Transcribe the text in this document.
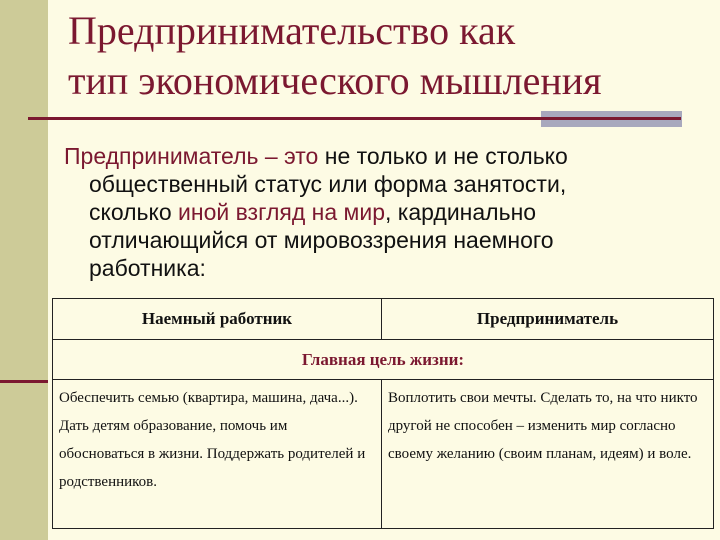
Предпринимательство как
тип экономического мышления
Предприниматель – это не только и не столько
общественный статус или форма занятости,
сколько иной взгляд на мир, кардинально
отличающийся от мировоззрения наемного
работника:
Наемный работник	Предприниматель
Главная цель жизни:	
Обеспечить семью (квартира, машина, дача...). Дать детям образование, помочь им обосноваться в жизни. Поддержать родителей и родственников.	Воплотить свои мечты. Сделать то, на что никто другой не способен – изменить мир согласно своему желанию (своим планам, идеям) и воле.
